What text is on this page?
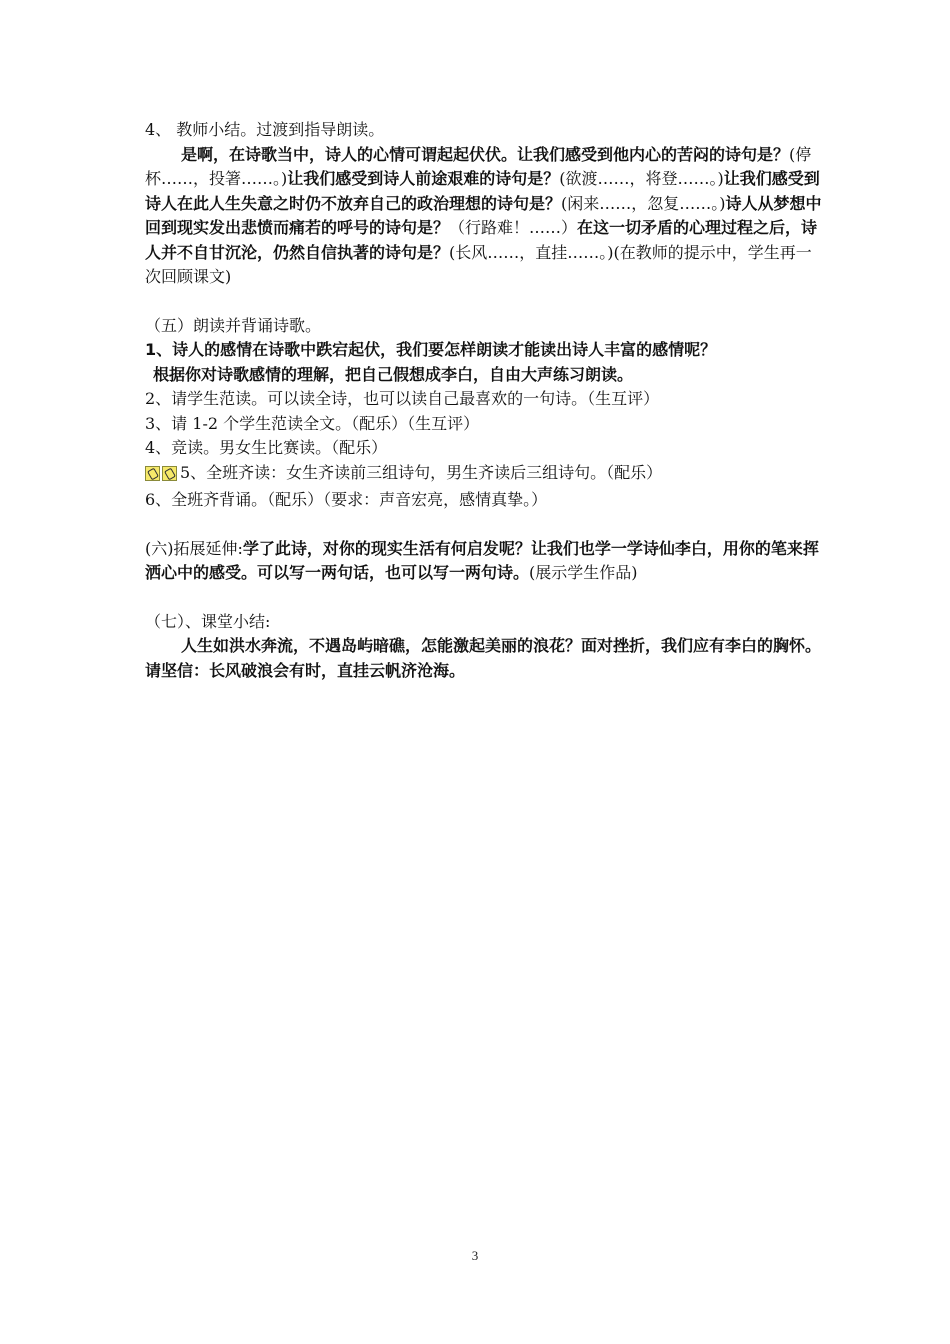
4、 教师小结。过渡到指导朗读。

是啊，在诗歌当中，诗人的心情可谓起起伏伏。让我们感受到他内心的苦闷的诗句是？(停杯……，投箸……。)让我们感受到诗人前途艰难的诗句是？(欲渡……，将登……。)让我们感受到诗人在此人生失意之时仍不放弃自己的政治理想的诗句是？(闲来……，忽复……。)诗人从梦想中回到现实发出悲愤而痛若的呼号的诗句是？（行路难！……）在这一切矛盾的心理过程之后，诗人并不自甘沉沦，仍然自信执著的诗句是？(长风……，直挂……。)(在教师的提示中，学生再一次回顾课文)

（五）朗读并背诵诗歌。

1、诗人的感情在诗歌中跌宕起伏，我们要怎样朗读才能读出诗人丰富的感情呢？

根据你对诗歌感情的理解，把自己假想成李白，自由大声练习朗读。

2、请学生范读。可以读全诗，也可以读自己最喜欢的一句诗。（生互评）

3、请 1-2 个学生范读全文。（配乐）（生互评）

4、竞读。男女生比赛读。（配乐）

5、全班齐读：女生齐读前三组诗句，男生齐读后三组诗句。（配乐）

6、全班齐背诵。（配乐）（要求：声音宏亮，感情真挚。）

(六)拓展延伸:学了此诗，对你的现实生活有何启发呢？让我们也学一学诗仙李白，用你的笔来挥洒心中的感受。可以写一两句话，也可以写一两句诗。(展示学生作品)

（七）、课堂小结:

人生如洪水奔流，不遇岛屿暗礁，怎能激起美丽的浪花？面对挫折，我们应有李白的胸怀。请坚信：长风破浪会有时，直挂云帆济沧海。

3
